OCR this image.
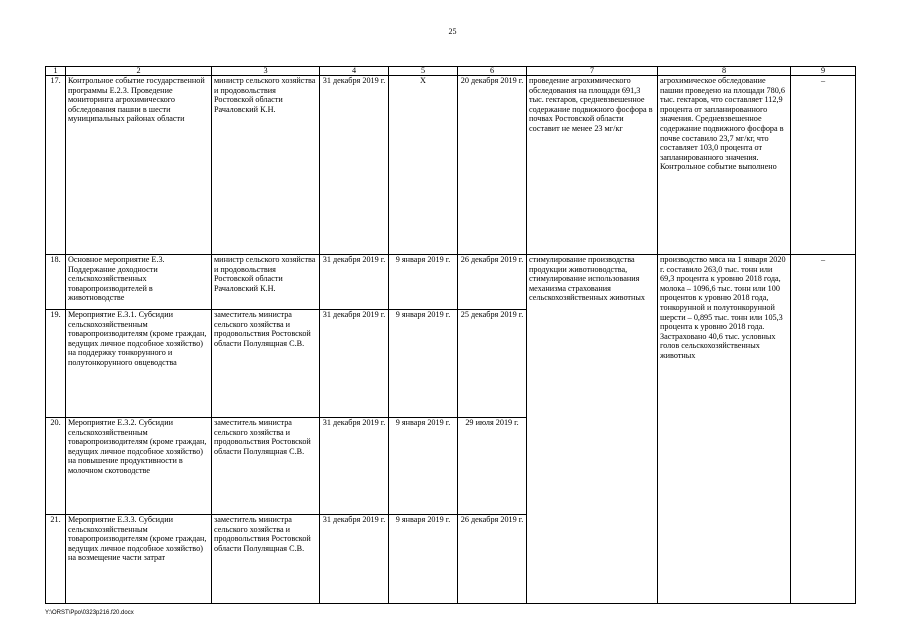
25
1	2	3	4	5	6	7	8	9
17.	Контрольное событие государственной программы Е.2.3. Проведение мониторинга агрохимического обследования пашни в шести муниципальных районах области	министр сельского хозяйства и продовольствия Ростовской области Рачаловский К.Н.	31 декабря 2019 г.	Х	20 декабря 2019 г.	проведение агрохимического обследования на площади 691,3 тыс. гектаров, средневзвешенное содержание подвижного фосфора в почвах Ростовской области составит не менее 23 мг/кг	агрохимическое обследование пашни проведено на площади 780,6 тыс. гектаров, что составляет 112,9 процента от запланированного значения. Средневзвешенное содержание подвижного фосфора в почве составило 23,7 мг/кг, что составляет 103,0 процента от запланированного значения. Контрольное событие выполнено	–
18.	Основное мероприятие Е.3. Поддержание доходности сельскохозяйственных товаропроизводителей в животноводстве	министр сельского хозяйства и продовольствия Ростовской области Рачаловский К.Н.	31 декабря 2019 г.	9 января 2019 г.	26 декабря 2019 г.	стимулирование производства продукции животноводства, стимулирование использования механизма страхования сельскохозяйственных животных	производство мяса на 1 января 2020 г. составило 263,0 тыс. тонн или 69,3 процента к уровню 2018 года, молока – 1096,6 тыс. тонн или 100 процентов к уровню 2018 года, тонкорунной и полутонкорунной шерсти – 0,895 тыс. тонн или 105,3 процента к уровню 2018 года. Застраховано 40,6 тыс. условных голов сельскохозяйственных животных	–
19.	Мероприятие Е.3.1. Субсидии сельскохозяйственным товаропроизводителям (кроме граждан, ведущих личное подсобное хозяйство) на поддержку тонкорунного и полутонкорунного овцеводства	заместитель министра сельского хозяйства и продовольствия Ростовской области Полулящная С.В.	31 декабря 2019 г.	9 января 2019 г.	25 декабря 2019 г.			
20.	Мероприятие Е.3.2. Субсидии сельскохозяйственным товаропроизводителям (кроме граждан, ведущих личное подсобное хозяйство) на повышение продуктивности в молочном скотоводстве	заместитель министра сельского хозяйства и продовольствия Ростовской области Полулящная С.В.	31 декабря 2019 г.	9 января 2019 г.	29 июля 2019 г.			
21.	Мероприятие Е.3.3. Субсидии сельскохозяйственным товаропроизводителям (кроме граждан, ведущих личное подсобное хозяйство) на возмещение части затрат	заместитель министра сельского хозяйства и продовольствия Ростовской области Полулящная С.В.	31 декабря 2019 г.	9 января 2019 г.	26 декабря 2019 г.			
Y:\ORST\Ppo\0323p216.f20.docx
